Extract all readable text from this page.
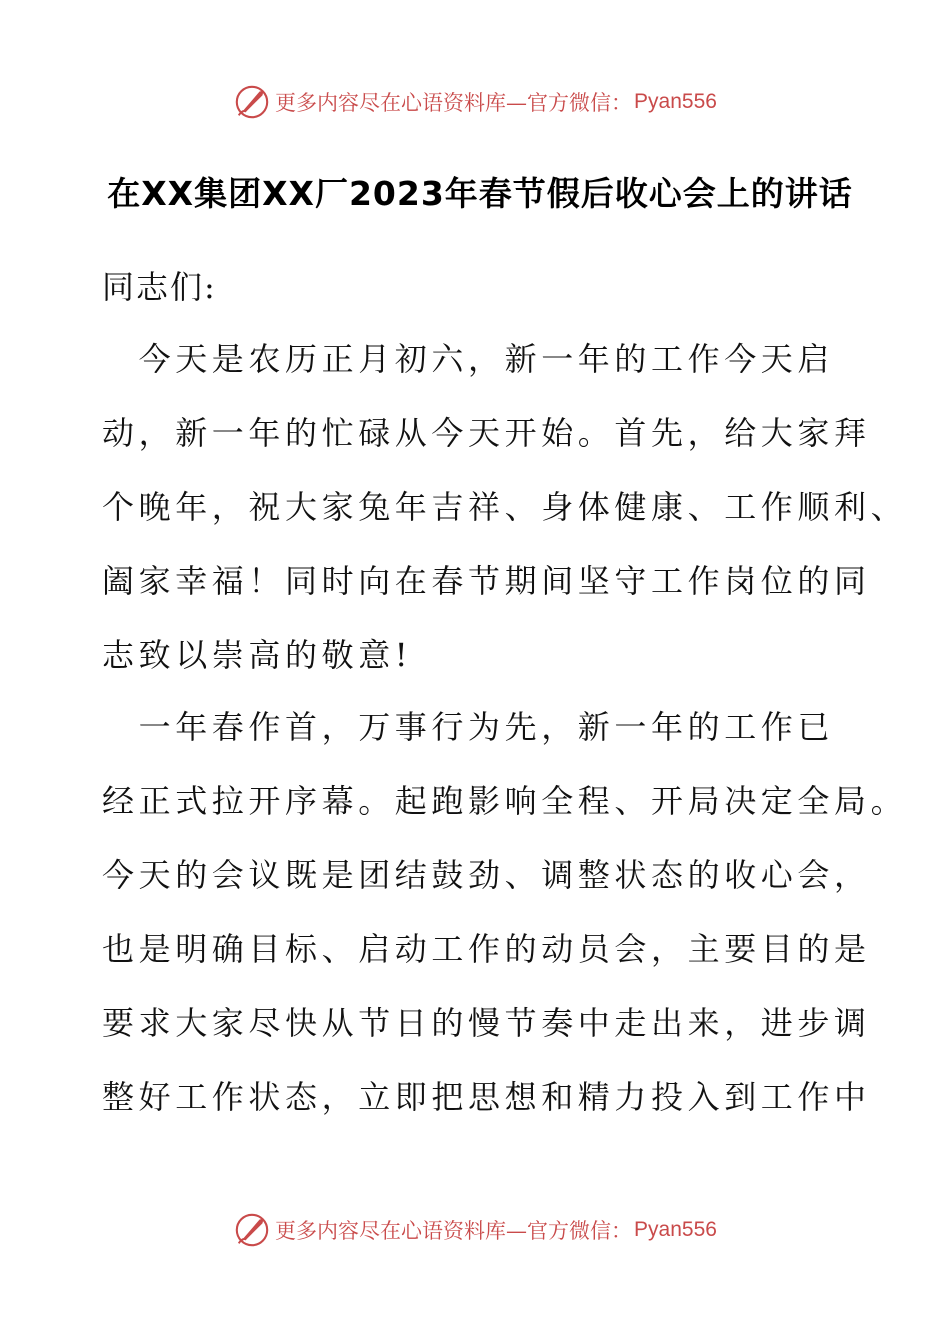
更多内容尽在心语资料库—官方微信： Pyan556
在XX集团XX厂2023年春节假后收心会上的讲话

同志们:

　今天是农历正月初六，新一年的工作今天启
动，新一年的忙碌从今天开始。首先，给大家拜
个晚年，祝大家兔年吉祥、身体健康、工作顺利、
阖家幸福！同时向在春节期间坚守工作岗位的同
志致以崇高的敬意!
　一年春作首，万事行为先，新一年的工作已
经正式拉开序幕。起跑影响全程、开局决定全局。
今天的会议既是团结鼓劲、调整状态的收心会，
也是明确目标、启动工作的动员会，主要目的是
要求大家尽快从节日的慢节奏中走出来，进步调
整好工作状态，立即把思想和精力投入到工作中
更多内容尽在心语资料库—官方微信： Pyan556
